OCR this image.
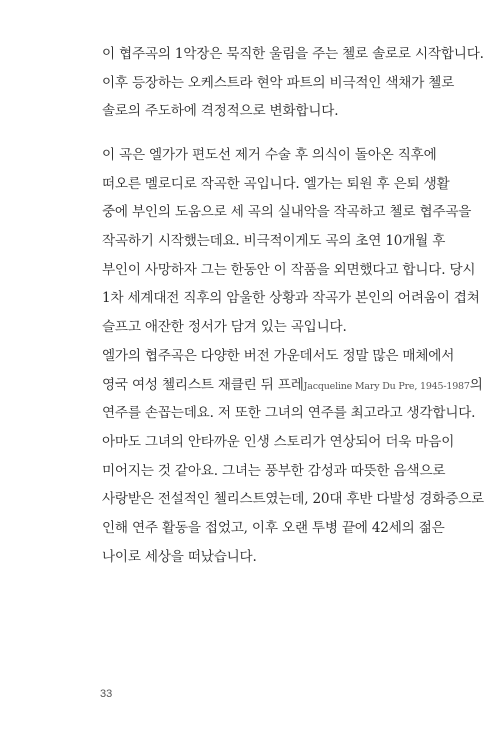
이 협주곡의 1악장은 묵직한 울림을 주는 첼로 솔로로 시작합니다.
이후 등장하는 오케스트라 현악 파트의 비극적인 색채가 첼로
솔로의 주도하에 격정적으로 변화합니다.
이 곡은 엘가가 편도선 제거 수술 후 의식이 돌아온 직후에
떠오른 멜로디로 작곡한 곡입니다. 엘가는 퇴원 후 은퇴 생활
중에 부인의 도움으로 세 곡의 실내악을 작곡하고 첼로 협주곡을
작곡하기 시작했는데요. 비극적이게도 곡의 초연 10개월 후
부인이 사망하자 그는 한동안 이 작품을 외면했다고 합니다. 당시
1차 세계대전 직후의 암울한 상황과 작곡가 본인의 어려움이 겹쳐
슬프고 애잔한 정서가 담겨 있는 곡입니다.
엘가의 협주곡은 다양한 버전 가운데서도 정말 많은 매체에서
영국 여성 첼리스트 재클린 뒤 프레Jacqueline Mary Du Pre, 1945-1987의
연주를 손꼽는데요. 저 또한 그녀의 연주를 최고라고 생각합니다.
아마도 그녀의 안타까운 인생 스토리가 연상되어 더욱 마음이
미어지는 것 같아요. 그녀는 풍부한 감성과 따뜻한 음색으로
사랑받은 전설적인 첼리스트였는데, 20대 후반 다발성 경화증으로
인해 연주 활동을 접었고, 이후 오랜 투병 끝에 42세의 젊은
나이로 세상을 떠났습니다.
33
